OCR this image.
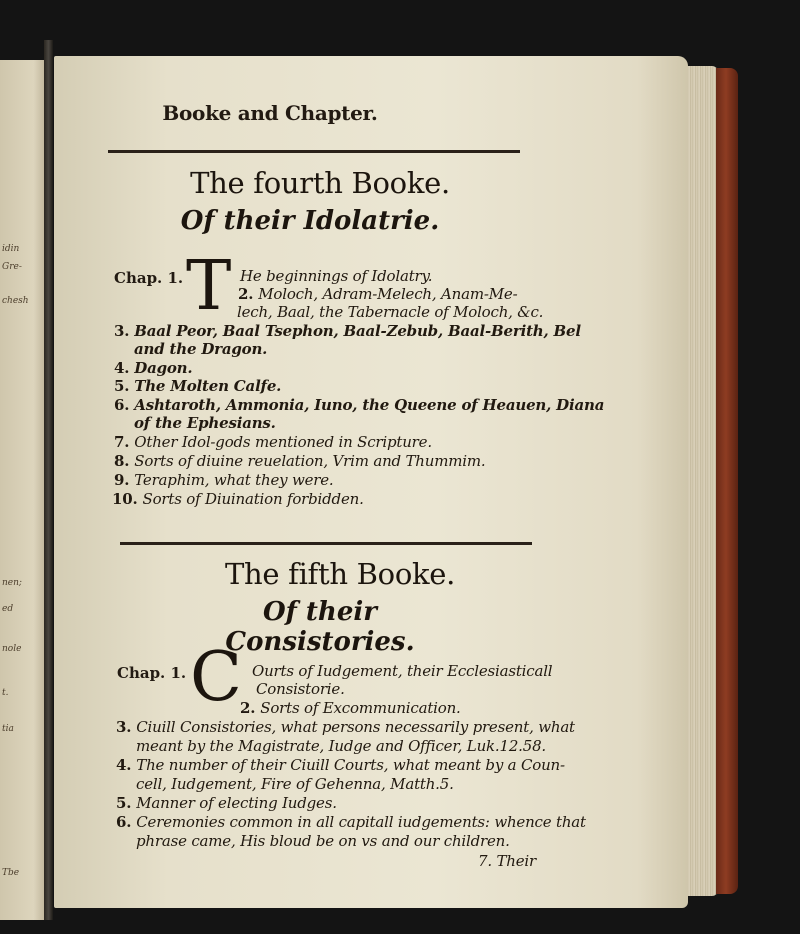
idin
Gre-
chesh
nen;
ed
nole
t.
tia
Tbe
Booke and Chapter.
The fourth Booke.
Of their Idolatrie.
Chap. 1. T He beginnings of Idolatry.
2. Moloch, Adram-Melech, Anam-Me-
lech, Baal, the Tabernacle of Moloch, &c.
3. Baal Peor, Baal Tsephon, Baal-Zebub, Baal-Berith, Bel
and the Dragon.
4. Dagon.
5. The Molten Calfe.
6. Ashtaroth, Ammonia, Iuno, the Queene of Heauen, Diana
of the Ephesians.
7. Other Idol-gods mentioned in Scripture.
8. Sorts of diuine reuelation, Vrim and Thummim.
9. Teraphim, what they were.
10. Sorts of Diuination forbidden.
The fifth Booke.
Of their Consistories.
Chap. 1. C Ourts of Iudgement, their Ecclesiasticall
Consistorie.
2. Sorts of Excommunication.
3. Ciuill Consistories, what persons necessarily present, what
meant by the Magistrate, Iudge and Officer, Luk.12.58.
4. The number of their Ciuill Courts, what meant by a Coun-
cell, Iudgement, Fire of Gehenna, Matth.5.
5. Manner of electing Iudges.
6. Ceremonies common in all capitall iudgements: whence that
phrase came, His bloud be on vs and our children.
7. Their
